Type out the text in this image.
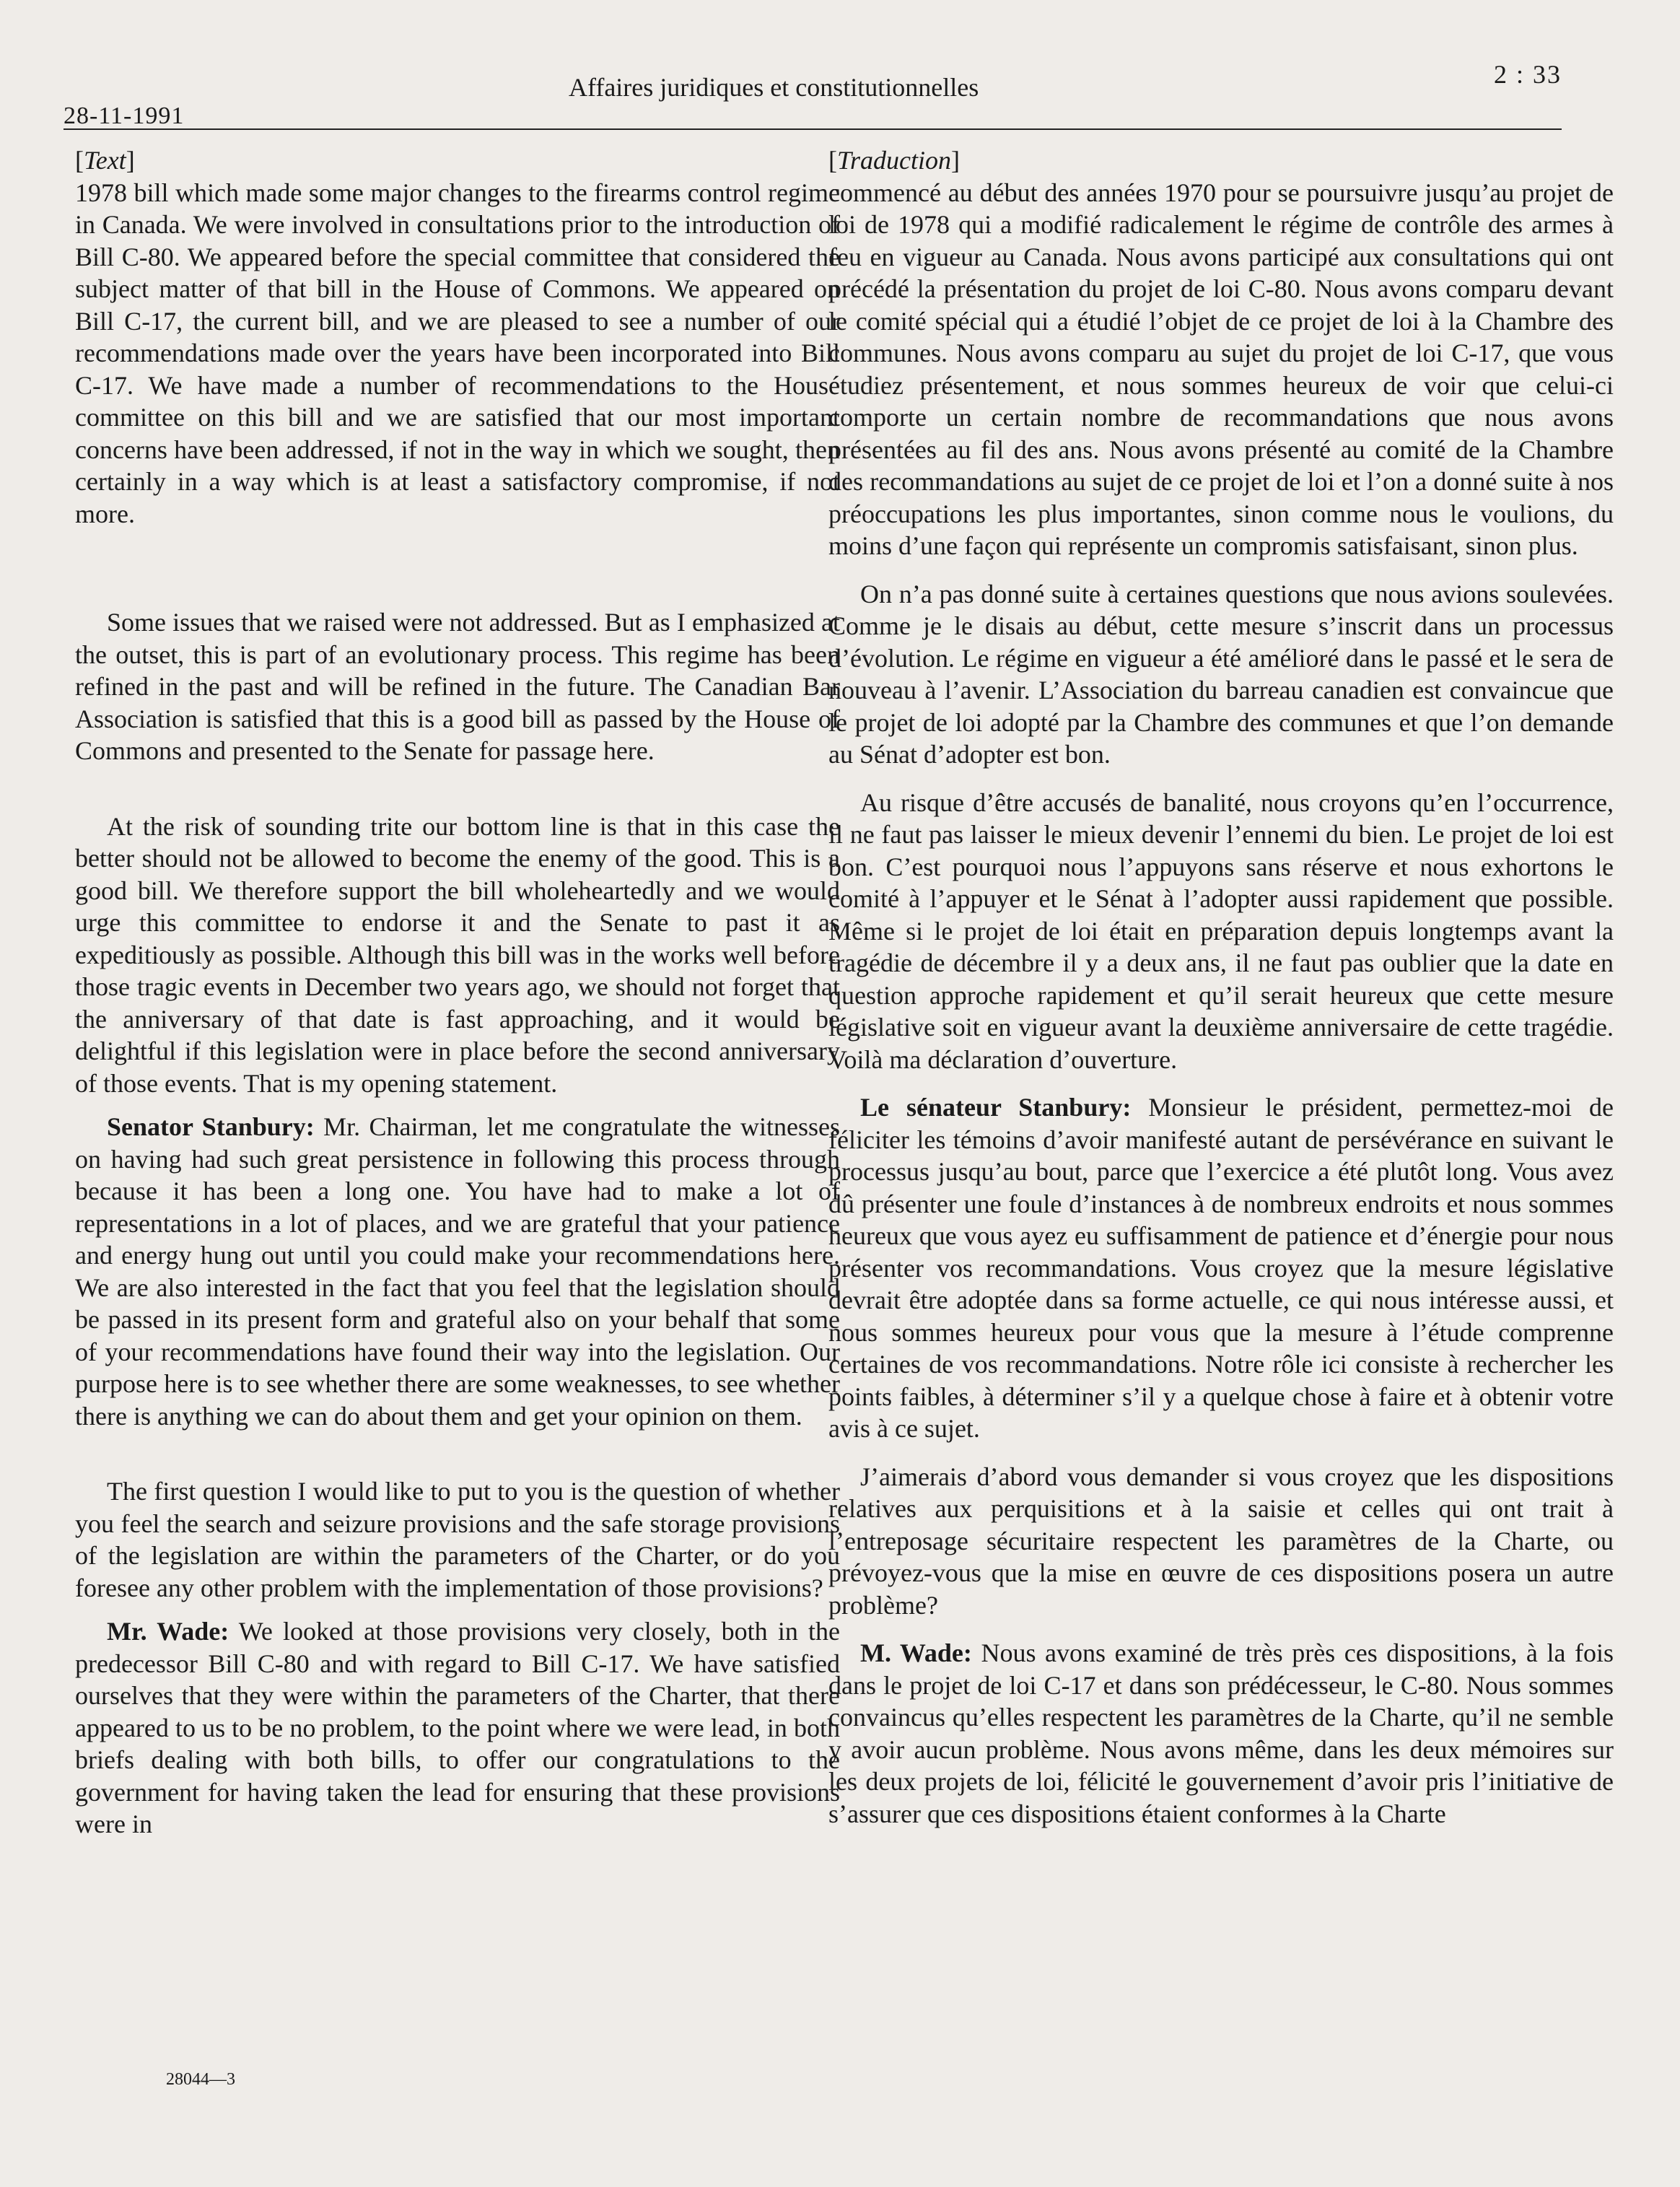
28-11-1991
Affaires juridiques et constitutionnelles	2 : 33
[Text]

1978 bill which made some major changes to the firearms control regime in Canada. We were involved in consultations prior to the introduction of Bill C-80. We appeared before the special committee that considered the subject matter of that bill in the House of Commons. We appeared on Bill C-17, the current bill, and we are pleased to see a number of our recommendations made over the years have been incorporated into Bill C-17. We have made a number of recommendations to the House committee on this bill and we are satisfied that our most important concerns have been addressed, if not in the way in which we sought, then certainly in a way which is at least a satisfactory compromise, if not more.

Some issues that we raised were not addressed. But as I emphasized at the outset, this is part of an evolutionary process. This regime has been refined in the past and will be refined in the future. The Canadian Bar Association is satisfied that this is a good bill as passed by the House of Commons and presented to the Senate for passage here.

At the risk of sounding trite our bottom line is that in this case the better should not be allowed to become the enemy of the good. This is a good bill. We therefore support the bill wholeheartedly and we would urge this committee to endorse it and the Senate to past it as expeditiously as possible. Although this bill was in the works well before those tragic events in December two years ago, we should not forget that the anniversary of that date is fast approaching, and it would be delightful if this legislation were in place before the second anniversary of those events. That is my opening statement.

Senator Stanbury: Mr. Chairman, let me congratulate the witnesses on having had such great persistence in following this process through because it has been a long one. You have had to make a lot of representations in a lot of places, and we are grateful that your patience and energy hung out until you could make your recommendations here. We are also interested in the fact that you feel that the legislation should be passed in its present form and grateful also on your behalf that some of your recommendations have found their way into the legislation. Our purpose here is to see whether there are some weaknesses, to see whether there is anything we can do about them and get your opinion on them.

The first question I would like to put to you is the question of whether you feel the search and seizure provisions and the safe storage provisions of the legislation are within the parameters of the Charter, or do you foresee any other problem with the implementation of those provisions?

Mr. Wade: We looked at those provisions very closely, both in the predecessor Bill C-80 and with regard to Bill C-17. We have satisfied ourselves that they were within the parameters of the Charter, that there appeared to us to be no problem, to the point where we were lead, in both briefs dealing with both bills, to offer our congratulations to the government for having taken the lead for ensuring that these provisions were in

[Traduction]

commencé au début des années 1970 pour se poursuivre jusqu’au projet de loi de 1978 qui a modifié radicalement le régime de contrôle des armes à feu en vigueur au Canada. Nous avons participé aux consultations qui ont précédé la présentation du projet de loi C-80. Nous avons comparu devant le comité spécial qui a étudié l’objet de ce projet de loi à la Chambre des communes. Nous avons comparu au sujet du projet de loi C-17, que vous étudiez présentement, et nous sommes heureux de voir que celui-ci comporte un certain nombre de recommandations que nous avons présentées au fil des ans. Nous avons présenté au comité de la Chambre des recommandations au sujet de ce projet de loi et l’on a donné suite à nos préoccupations les plus importantes, sinon comme nous le voulions, du moins d’une façon qui représente un compromis satisfaisant, sinon plus.

On n’a pas donné suite à certaines questions que nous avions soulevées. Comme je le disais au début, cette mesure s’inscrit dans un processus d’évolution. Le régime en vigueur a été amélioré dans le passé et le sera de nouveau à l’avenir. L’Association du barreau canadien est convaincue que le projet de loi adopté par la Chambre des communes et que l’on demande au Sénat d’adopter est bon.

Au risque d’être accusés de banalité, nous croyons qu’en l’occurrence, il ne faut pas laisser le mieux devenir l’ennemi du bien. Le projet de loi est bon. C’est pourquoi nous l’appuyons sans réserve et nous exhortons le comité à l’appuyer et le Sénat à l’adopter aussi rapidement que possible. Même si le projet de loi était en préparation depuis longtemps avant la tragédie de décembre il y a deux ans, il ne faut pas oublier que la date en question approche rapidement et qu’il serait heureux que cette mesure législative soit en vigueur avant la deuxième anniversaire de cette tragédie. Voilà ma déclaration d’ouverture.

Le sénateur Stanbury: Monsieur le président, permettez-moi de féliciter les témoins d’avoir manifesté autant de persévérance en suivant le processus jusqu’au bout, parce que l’exercice a été plutôt long. Vous avez dû présenter une foule d’instances à de nombreux endroits et nous sommes heureux que vous ayez eu suffisamment de patience et d’énergie pour nous présenter vos recommandations. Vous croyez que la mesure législative devrait être adoptée dans sa forme actuelle, ce qui nous intéresse aussi, et nous sommes heureux pour vous que la mesure à l’étude comprenne certaines de vos recommandations. Notre rôle ici consiste à rechercher les points faibles, à déterminer s’il y a quelque chose à faire et à obtenir votre avis à ce sujet.

J’aimerais d’abord vous demander si vous croyez que les dispositions relatives aux perquisitions et à la saisie et celles qui ont trait à l’entreposage sécuritaire respectent les paramètres de la Charte, ou prévoyez-vous que la mise en œuvre de ces dispositions posera un autre problème?

M. Wade: Nous avons examiné de très près ces dispositions, à la fois dans le projet de loi C-17 et dans son prédécesseur, le C-80. Nous sommes convaincus qu’elles respectent les paramètres de la Charte, qu’il ne semble y avoir aucun problème. Nous avons même, dans les deux mémoires sur les deux projets de loi, félicité le gouvernement d’avoir pris l’initiative de s’assurer que ces dispositions étaient conformes à la Charte

28044—3
